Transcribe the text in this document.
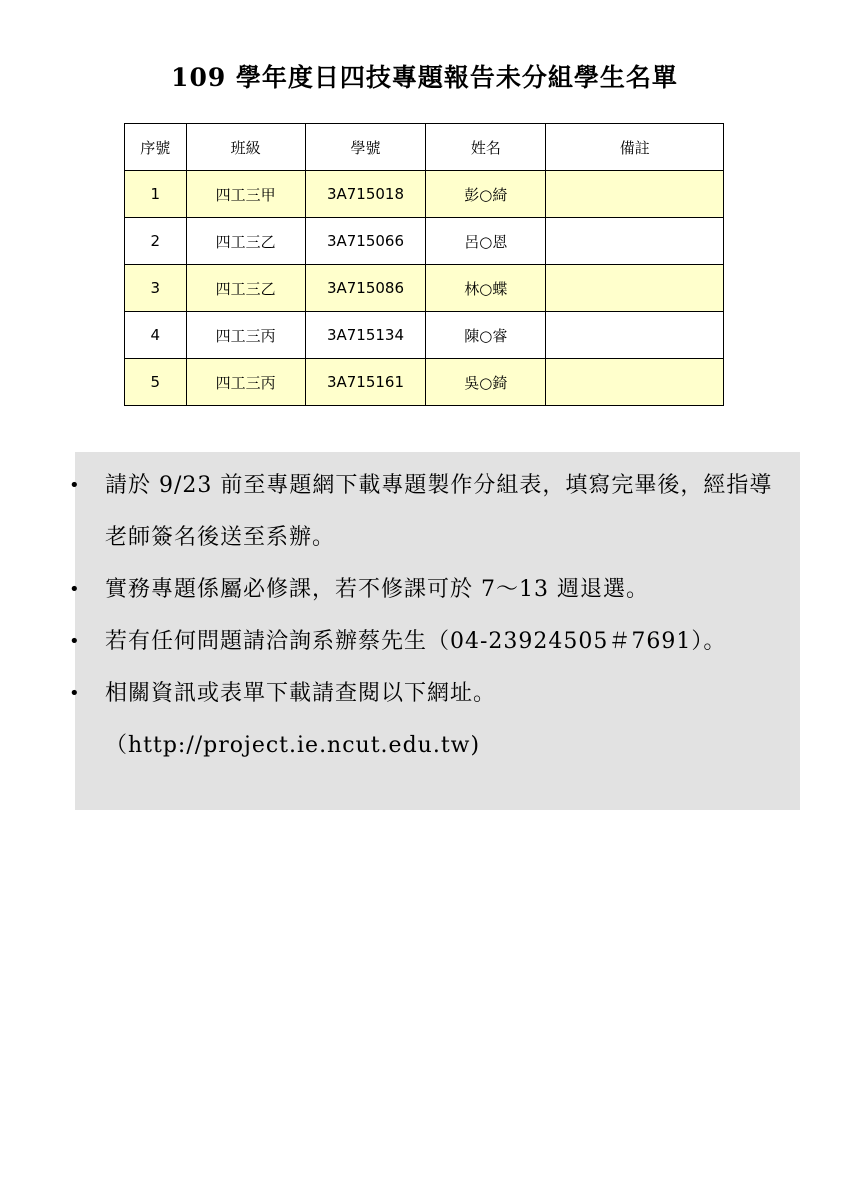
109 學年度日四技專題報告未分組學生名單
序號	班級	學號	姓名	備註
1	四工三甲	3A715018	彭○綺	
2	四工三乙	3A715066	呂○恩	
3	四工三乙	3A715086	林○蝶	
4	四工三丙	3A715134	陳○睿	
5	四工三丙	3A715161	吳○錡	
• 請於 9/23 前至專題網下載專題製作分組表，填寫完畢後，經指導老師簽名後送至系辦。
• 實務專題係屬必修課，若不修課可於 7～13 週退選。
• 若有任何問題請洽詢系辦蔡先生（04-23924505＃7691）。
• 相關資訊或表單下載請查閱以下網址。（http://project.ie.ncut.edu.tw)
